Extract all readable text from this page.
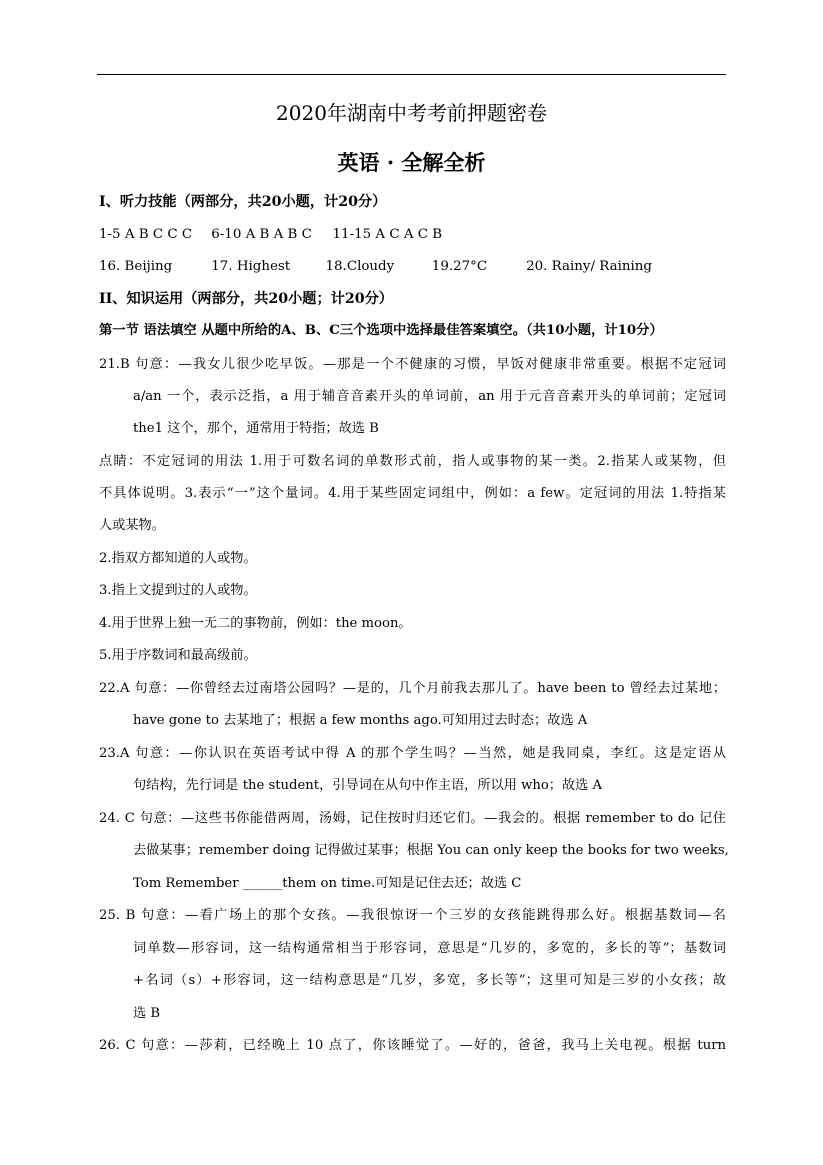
2020年湖南中考考前押题密卷
英语 · 全解全析
I、听力技能（两部分，共20小题，计20分）
1-5 A B C C C 6-10 A B A B C 11-15 A C A C B
16. Beijing	17. Highest	18.Cloudy	19.27°C	20. Rainy/ Raining
II、知识运用（两部分，共20小题；计20分）
第一节 语法填空 从题中所给的A、B、C三个选项中选择最佳答案填空。（共10小题，计10分）
21.B 句意：—我女儿很少吃早饭。—那是一个不健康的习惯，早饭对健康非常重要。根据不定冠词
a/an 一个，表示泛指，a 用于辅音音素开头的单词前，an 用于元音音素开头的单词前；定冠词
the1 这个，那个，通常用于特指；故选 B
点睛：不定冠词的用法 1.用于可数名词的单数形式前，指人或事物的某一类。2.指某人或某物，但
不具体说明。3.表示“一”这个量词。4.用于某些固定词组中，例如：a few。定冠词的用法 1.特指某
人或某物。
2.指双方都知道的人或物。
3.指上文提到过的人或物。
4.用于世界上独一无二的事物前，例如：the moon。
5.用于序数词和最高级前。
22.A 句意：—你曾经去过南塔公园吗？—是的，几个月前我去那儿了。have been to 曾经去过某地；
have gone to 去某地了；根据 a few months ago.可知用过去时态；故选 A
23.A 句意：—你认识在英语考试中得 A 的那个学生吗？—当然，她是我同桌，李红。这是定语从
句结构，先行词是 the student，引导词在从句中作主语，所以用 who；故选 A
24. C 句意：—这些书你能借两周，汤姆，记住按时归还它们。—我会的。根据 remember to do 记住
去做某事；remember doing 记得做过某事；根据 You can only keep the books for two weeks,
Tom Remember ______them on time.可知是记住去还；故选 C
25. B 句意：—看广场上的那个女孩。—我很惊讶一个三岁的女孩能跳得那么好。根据基数词—名
词单数—形容词，这一结构通常相当于形容词，意思是“几岁的，多宽的，多长的等”；基数词
+名词（s）+形容词，这一结构意思是“几岁，多宽，多长等”；这里可知是三岁的小女孩；故
选 B
26. C 句意：—莎莉，已经晚上 10 点了，你该睡觉了。—好的，爸爸，我马上关电视。根据 turn
